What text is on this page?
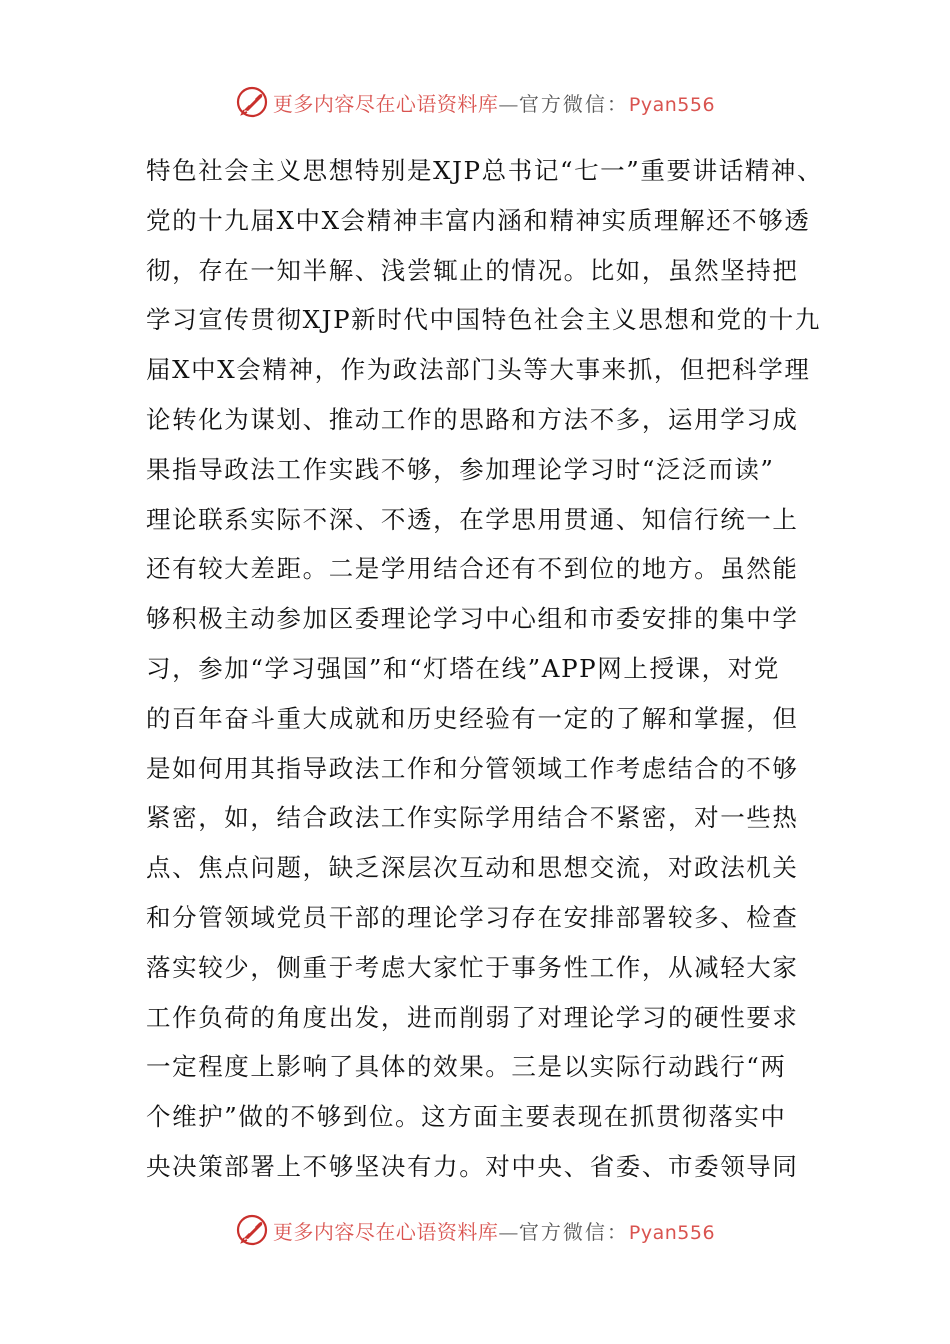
更多内容尽在心语资料库—官方微信：Pyan556
特色社会主义思想特别是XJP总书记“七一”重要讲话精神、
党的十九届X中X会精神丰富内涵和精神实质理解还不够透
彻，存在一知半解、浅尝辄止的情况。比如，虽然坚持把
学习宣传贯彻XJP新时代中国特色社会主义思想和党的十九
届X中X会精神，作为政法部门头等大事来抓，但把科学理
论转化为谋划、推动工作的思路和方法不多，运用学习成
果指导政法工作实践不够，参加理论学习时“泛泛而读”
理论联系实际不深、不透，在学思用贯通、知信行统一上
还有较大差距。二是学用结合还有不到位的地方。虽然能
够积极主动参加区委理论学习中心组和市委安排的集中学
习，参加“学习强国”和“灯塔在线”APP网上授课，对党
的百年奋斗重大成就和历史经验有一定的了解和掌握，但
是如何用其指导政法工作和分管领域工作考虑结合的不够
紧密，如，结合政法工作实际学用结合不紧密，对一些热
点、焦点问题，缺乏深层次互动和思想交流，对政法机关
和分管领域党员干部的理论学习存在安排部署较多、检查
落实较少，侧重于考虑大家忙于事务性工作，从减轻大家
工作负荷的角度出发，进而削弱了对理论学习的硬性要求
一定程度上影响了具体的效果。三是以实际行动践行“两
个维护”做的不够到位。这方面主要表现在抓贯彻落实中
央决策部署上不够坚决有力。对中央、省委、市委领导同
更多内容尽在心语资料库—官方微信：Pyan556
